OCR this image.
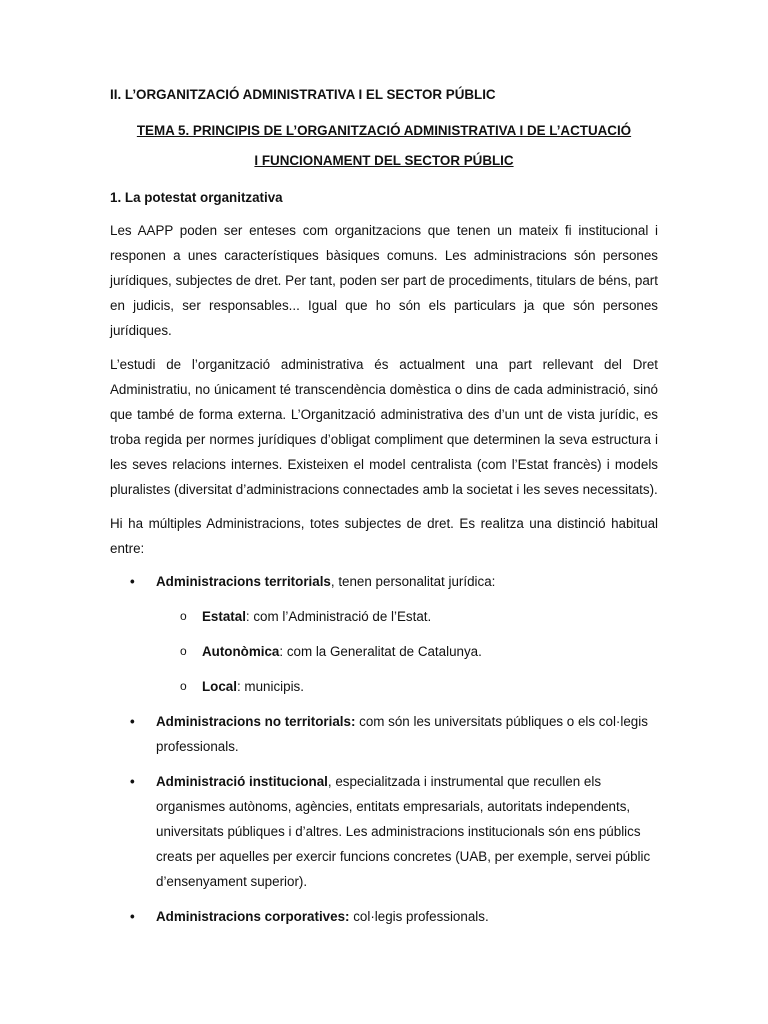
II. L’ORGANITZACIÓ ADMINISTRATIVA I EL SECTOR PÚBLIC

TEMA 5. PRINCIPIS DE L’ORGANITZACIÓ ADMINISTRATIVA I DE L’ACTUACIÓ
I FUNCIONAMENT DEL SECTOR PÚBLIC

1. La potestat organitzativa

Les AAPP poden ser enteses com organitzacions que tenen un mateix fi institucional i responen a unes característiques bàsiques comuns. Les administracions són persones jurídiques, subjectes de dret. Per tant, poden ser part de procediments, titulars de béns, part en judicis, ser responsables... Igual que ho són els particulars ja que són persones jurídiques.

L’estudi de l’organització administrativa és actualment una part rellevant del Dret Administratiu, no únicament té transcendència domèstica o dins de cada administració, sinó que també de forma externa. L’Organització administrativa des d’un unt de vista jurídic, es troba regida per normes jurídiques d’obligat compliment que determinen la seva estructura i les seves relacions internes. Existeixen el model centralista (com l’Estat francès) i models pluralistes (diversitat d’administracions connectades amb la societat i les seves necessitats).

Hi ha múltiples Administracions, totes subjectes de dret. Es realitza una distinció habitual entre:

• Administracions territorials, tenen personalitat jurídica:
o Estatal: com l’Administració de l’Estat.
o Autonòmica: com la Generalitat de Catalunya.
o Local: municipis.
• Administracions no territorials: com són les universitats públiques o els col·legis professionals.
• Administració institucional, especialitzada i instrumental que recullen els organismes autònoms, agències, entitats empresarials, autoritats independents, universitats públiques i d’altres. Les administracions institucionals són ens públics creats per aquelles per exercir funcions concretes (UAB, per exemple, servei públic d’ensenyament superior).
• Administracions corporatives: col·legis professionals.
